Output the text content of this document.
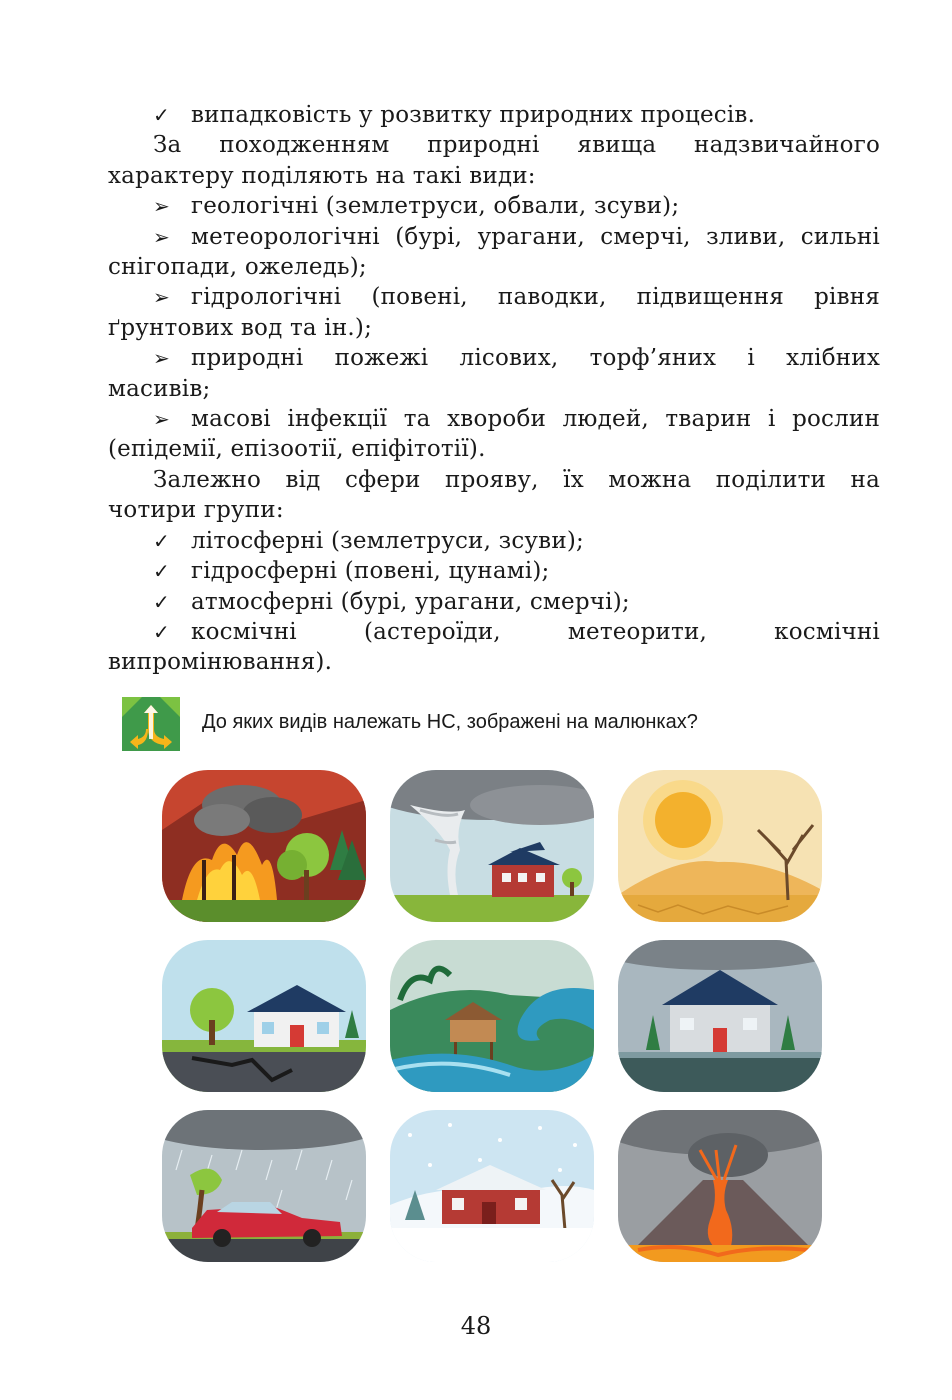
✓ випадковість у розвитку природних процесів.

За походженням природні явища надзвичайного

характеру поділяють на такі види:

➢ геологічні (землетруси, обвали, зсуви);

➢ метеорологічні (бурі, урагани, смерчі, зливи, сильні

снігопади, ожеледь);

➢ гідрологічні (повені, паводки, підвищення рівня

ґрунтових вод та ін.);

➢ природні пожежі лісових, торф’яних і хлібних

масивів;

➢ масові інфекції та хвороби людей, тварин і рослин

(епідемії, епізоотії, епіфітотії).

Залежно від сфери прояву, їх можна поділити на

чотири групи:

✓ літосферні (землетруси, зсуви);

✓ гідросферні (повені, цунамі);

✓ атмосферні (бурі, урагани, смерчі);

✓ космічні (астероїди, метеорити, космічні

випромінювання).

До яких видів належать НС, зображені на малюнках?
48
